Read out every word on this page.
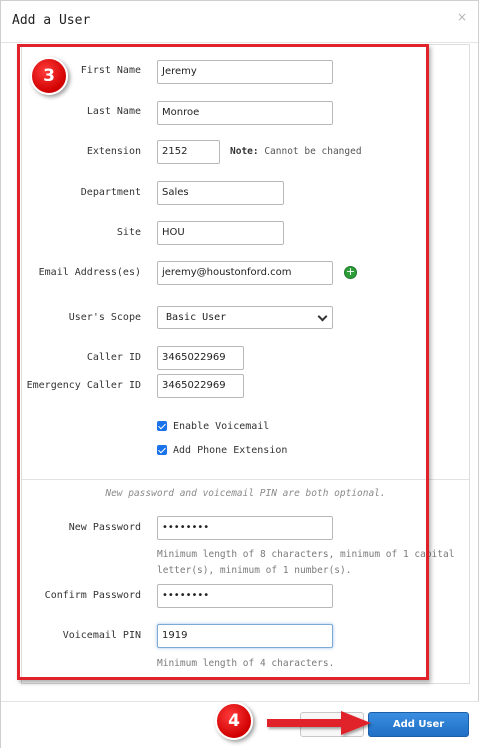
Add a User	×
First Name	Jeremy
Last Name	Monroe
Extension	2152	Note: Cannot be changed
Department	Sales
Site	HOU
Email Address(es)	jeremy@houstonford.com	+
User's Scope	Basic User
Caller ID	3465022969
Emergency Caller ID	3465022969
Enable Voicemail
Add Phone Extension
New password and voicemail PIN are both optional.
New Password	••••••••
Minimum length of 8 characters, minimum of 1 capital letter(s), minimum of 1 number(s).
Confirm Password	••••••••
Voicemail PIN	1919
Minimum length of 4 characters.
3
Add User
4
